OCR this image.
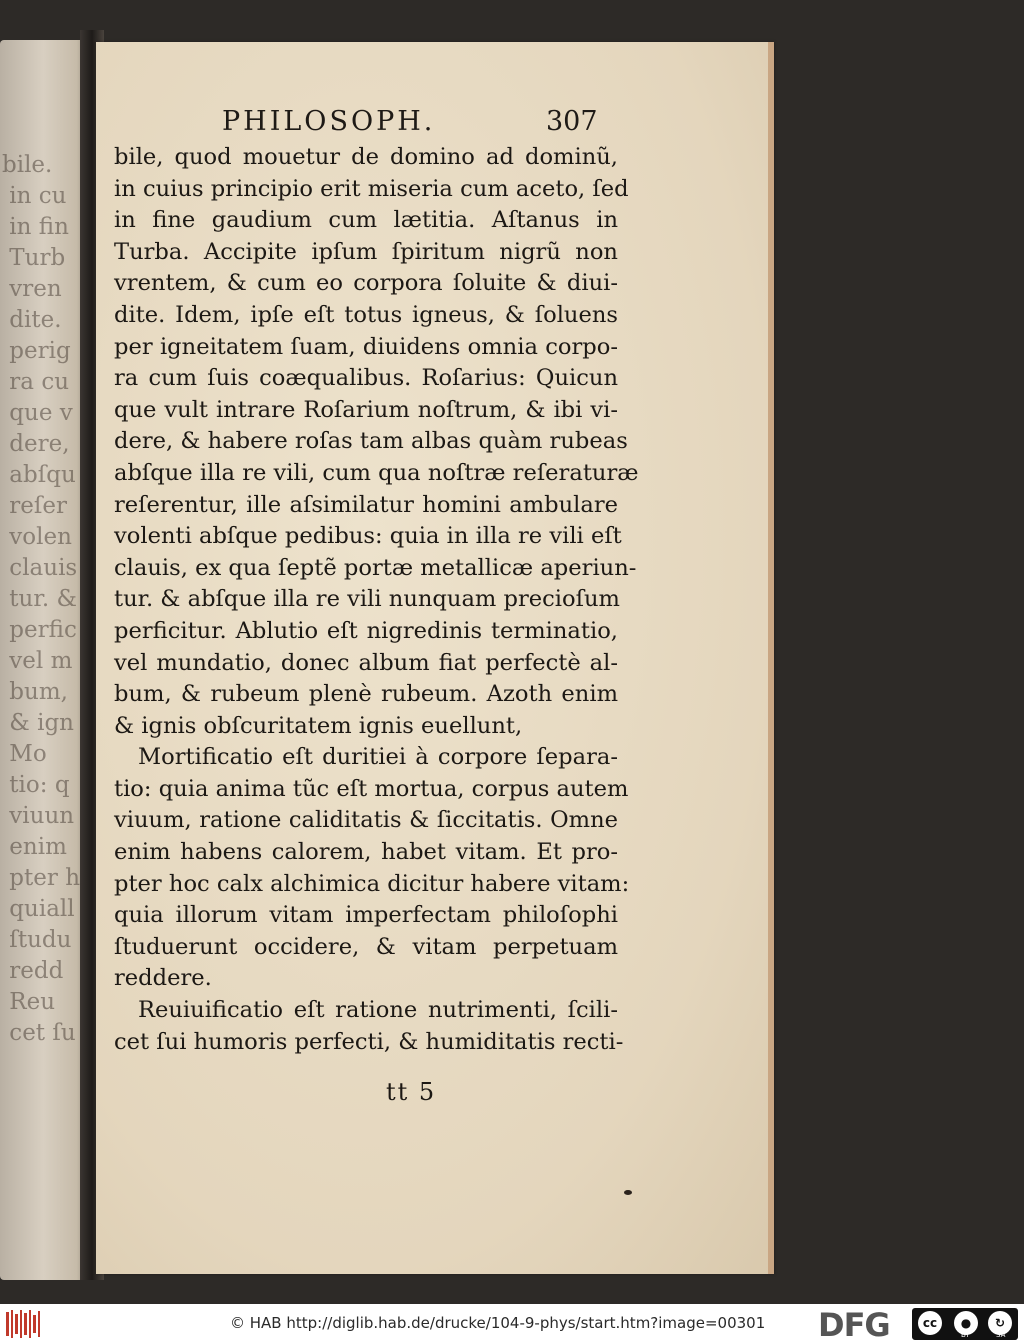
bile.
in cu
in fin
Turb
vren
dite.
perig
ra cu
que v
dere,
abſqu
reſer
volen
clauis
tur. &
perfic
vel m
bum,
& ign
Mo
tio: q
viuun
enim
pter h
quiall
ſtudu
redd
Reu
cet ſu
PHILOSOPH.	307
bile, quod mouetur de domino ad dominũ,
in cuius principio erit miseria cum aceto, ſed
in fine gaudium cum lætitia. Aſtanus in
Turba. Accipite ipſum ſpiritum nigrũ non
vrentem, & cum eo corpora ſoluite & diui-
dite. Idem, ipſe eſt totus igneus, & ſoluens
per igneitatem ſuam, diuidens omnia corpo-
ra cum ſuis coæqualibus. Roſarius: Quicun
que vult intrare Roſarium noſtrum, & ibi vi-
dere, & habere roſas tam albas quàm rubeas
abſque illa re vili, cum qua noſtræ reſeraturæ
reſerentur, ille aſsimilatur homini ambulare
volenti abſque pedibus: quia in illa re vili eſt
clauis, ex qua ſeptẽ portæ metallicæ aperiun-
tur. & abſque illa re vili nunquam precioſum
perficitur. Ablutio eſt nigredinis terminatio,
vel mundatio, donec album fiat perfectè al-
bum, & rubeum plenè rubeum. Azoth enim
& ignis obſcuritatem ignis euellunt,
Mortificatio eſt duritiei à corpore ſepara-
tio: quia anima tũc eſt mortua, corpus autem
viuum, ratione caliditatis & ſiccitatis. Omne
enim habens calorem, habet vitam. Et pro-
pter hoc calx alchimica dicitur habere vitam:
quia illorum vitam imperfectam philoſophi
ſtuduerunt occidere, & vitam perpetuam
reddere.
Reuiuificatio eſt ratione nutrimenti, ſcili-
cet ſui humoris perfecti, & humiditatis recti-
tt 5
© HAB http://diglib.hab.de/drucke/104-9-phys/start.htm?image=00301 DFG	cc	●
BY
↻
SA
